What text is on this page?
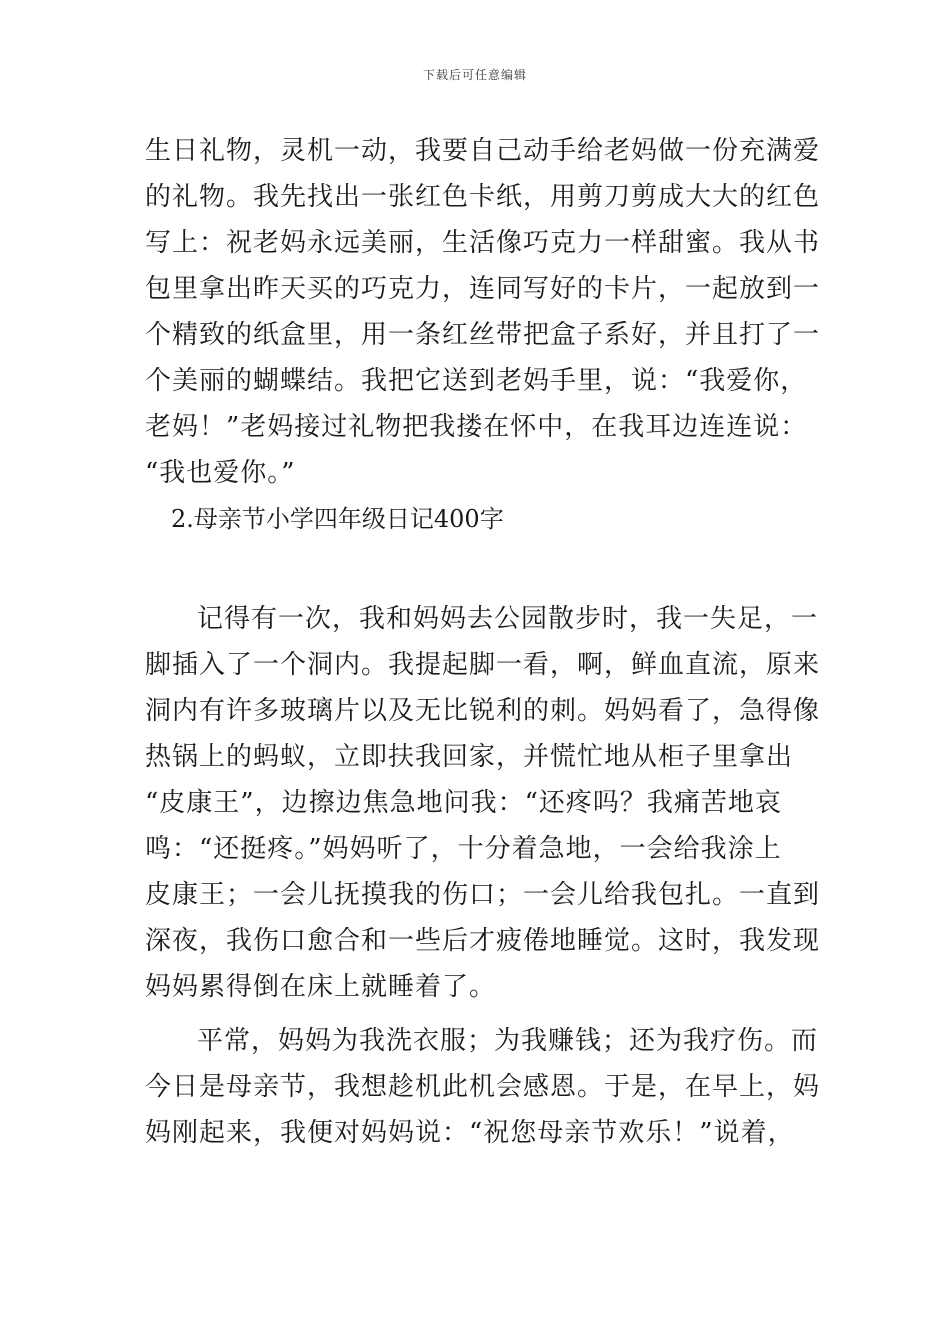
下载后可任意编辑
生日礼物，灵机一动，我要自己动手给老妈做一份充满爱
的礼物。我先找出一张红色卡纸，用剪刀剪成大大的红色
写上：祝老妈永远美丽，生活像巧克力一样甜蜜。我从书
包里拿出昨天买的巧克力，连同写好的卡片，一起放到一
个精致的纸盒里，用一条红丝带把盒子系好，并且打了一
个美丽的蝴蝶结。我把它送到老妈手里，说：“我爱你，
老妈！”老妈接过礼物把我搂在怀中，在我耳边连连说：
“我也爱你。”
2.母亲节小学四年级日记400字
记得有一次，我和妈妈去公园散步时，我一失足，一
脚插入了一个洞内。我提起脚一看，啊，鲜血直流，原来
洞内有许多玻璃片以及无比锐利的刺。妈妈看了，急得像
热锅上的蚂蚁，立即扶我回家，并慌忙地从柜子里拿出
“皮康王”，边擦边焦急地问我：“还疼吗？我痛苦地哀
鸣：“还挺疼。”妈妈听了，十分着急地，一会给我涂上
皮康王；一会儿抚摸我的伤口；一会儿给我包扎。一直到
深夜，我伤口愈合和一些后才疲倦地睡觉。这时，我发现
妈妈累得倒在床上就睡着了。
平常，妈妈为我洗衣服；为我赚钱；还为我疗伤。而
今日是母亲节，我想趁机此机会感恩。于是，在早上，妈
妈刚起来，我便对妈妈说：“祝您母亲节欢乐！”说着，
